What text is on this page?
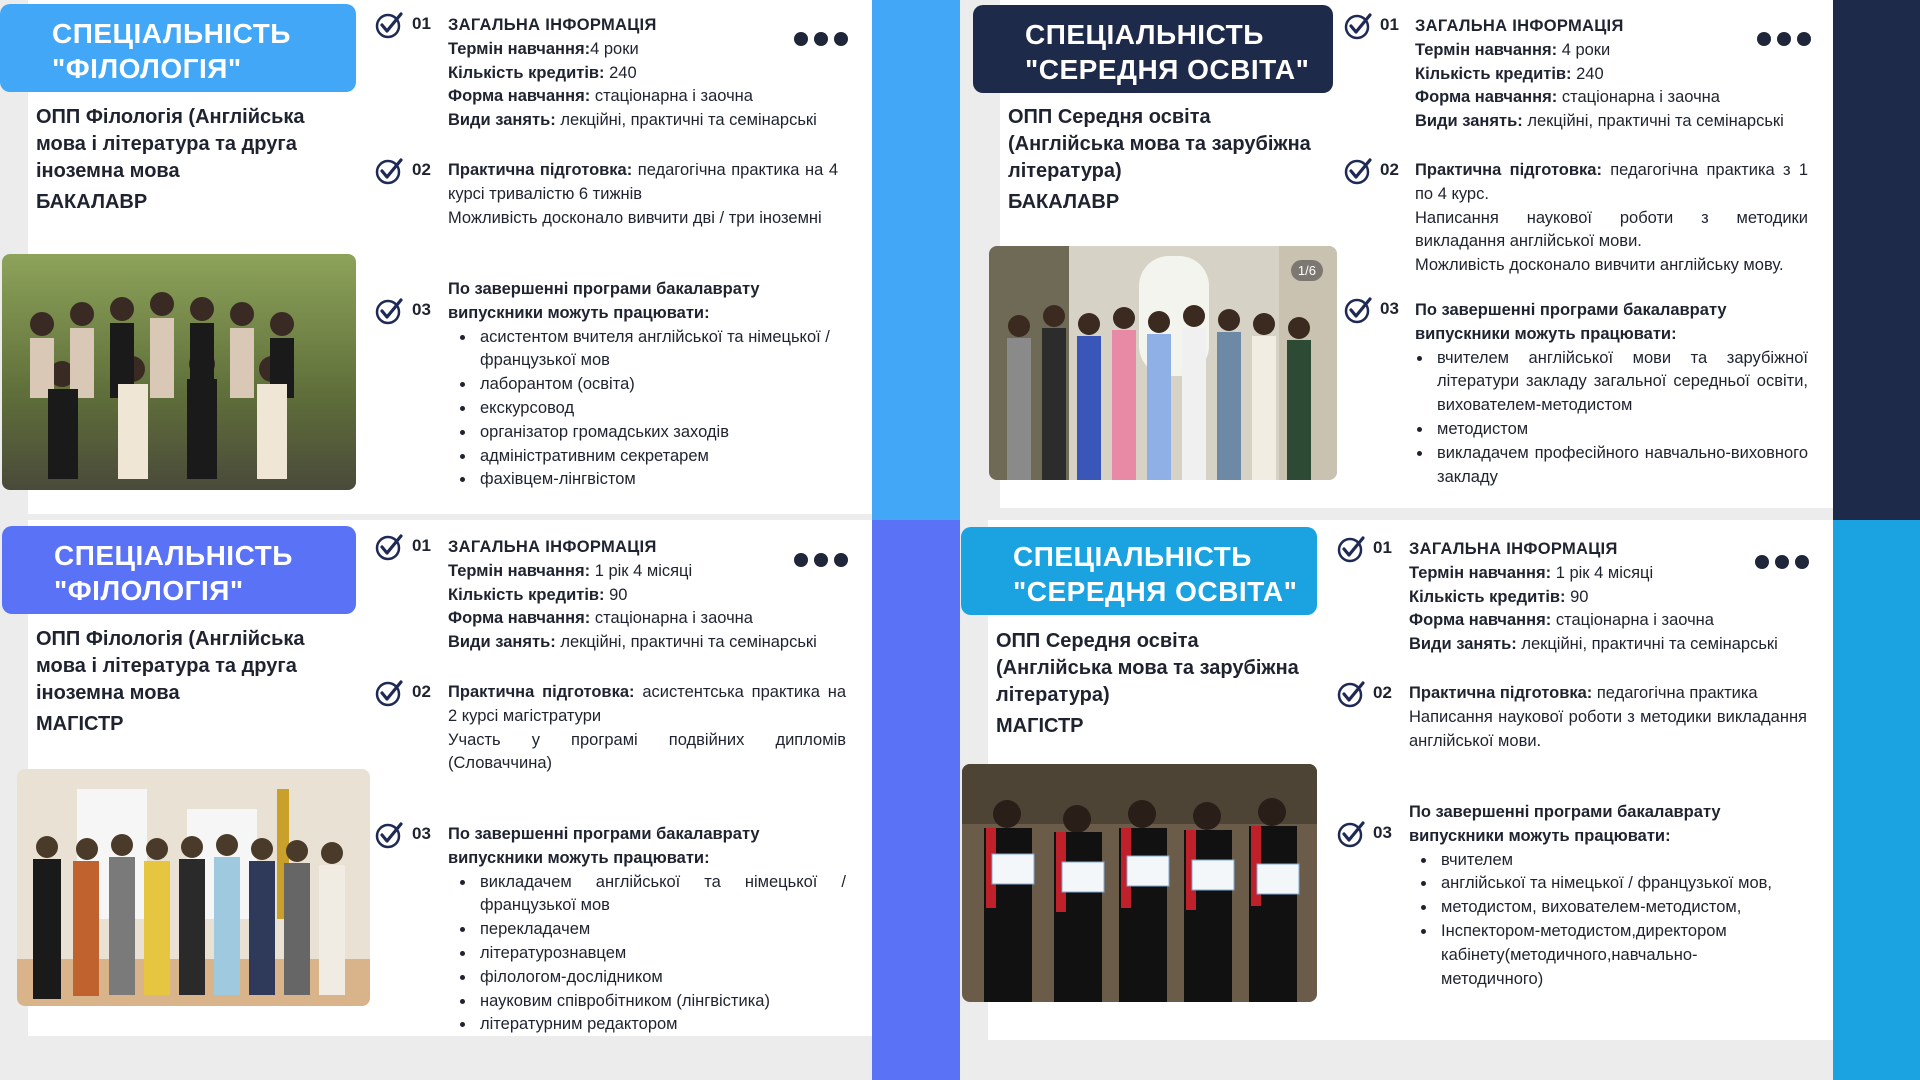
СПЕЦІАЛЬНІСТЬ
"ФІЛОЛОГІЯ"
ОПП Філологія (Англійська мова і література та друга іноземна мова
БАКАЛАВР
01 ЗАГАЛЬНА ІНФОРМАЦІЯ
Термін навчання:4 роки
Кількість кредитів: 240
Форма навчання: стаціонарна і заочна
Види занять: лекційні, практичні та семінарські
02 Практична підготовка: педагогічна практика на 4 курсі тривалістю 6 тижнів
Можливість досконало вивчити дві / три іноземні
03
По завершенні програми бакалаврату випускники можуть працювати:
• асистентом вчителя англійської та німецької / французької мов
• лаборантом (освіта)
• екскурсовод
• організатор громадських заходів
• адміністративним секретарем
• фахівцем-лінгвістом
СПЕЦІАЛЬНІСТЬ
"СЕРЕДНЯ ОСВІТА"
ОПП Середня освіта (Англійська мова та зарубіжна література)
БАКАЛАВР
1/6
01 ЗАГАЛЬНА ІНФОРМАЦІЯ
Термін навчання: 4 роки
Кількість кредитів: 240
Форма навчання: стаціонарна і заочна
Види занять: лекційні, практичні та семінарські
02 Практична підготовка: педагогічна практика з 1 по 4 курс.
Написання наукової роботи з методики викладання англійської мови.
Можливість досконало вивчити англійську мову.
03 По завершенні програми бакалаврату випускники можуть працювати:
• вчителем англійської мови та зарубіжної літератури закладу загальної середньої освіти, вихователем-методистом
• методистом
• викладачем професійного навчально-виховного закладу
СПЕЦІАЛЬНІСТЬ
"ФІЛОЛОГІЯ"
ОПП Філологія (Англійська мова і література та друга іноземна мова
МАГІСТР
01 ЗАГАЛЬНА ІНФОРМАЦІЯ
Термін навчання: 1 рік 4 місяці
Кількість кредитів: 90
Форма навчання: стаціонарна і заочна
Види занять: лекційні, практичні та семінарські
02 Практична підготовка: асистентська практика на 2 курсі магістратури
Участь у програмі подвійних дипломів (Словаччина)
03 По завершенні програми бакалаврату випускники можуть працювати:
• викладачем англійської та німецької / французької мов
• перекладачем
• літературознавцем
• філологом-дослідником
• науковим співробітником (лінгвістика)
• літературним редактором
СПЕЦІАЛЬНІСТЬ
"СЕРЕДНЯ ОСВІТА"
ОПП Середня освіта (Англійська мова та зарубіжна література)
МАГІСТР
01 ЗАГАЛЬНА ІНФОРМАЦІЯ
Термін навчання: 1 рік 4 місяці
Кількість кредитів: 90
Форма навчання: стаціонарна і заочна
Види занять: лекційні, практичні та семінарські
02 Практична підготовка: педагогічна практика
Написання наукової роботи з методики викладання англійської мови.
03
По завершенні програми бакалаврату випускники можуть працювати:
• вчителем
• англійської та німецької / французької мов,
• методистом, вихователем-методистом,
• Інспектором-методистом,директором кабінету(методичного,навчально-методичного)
